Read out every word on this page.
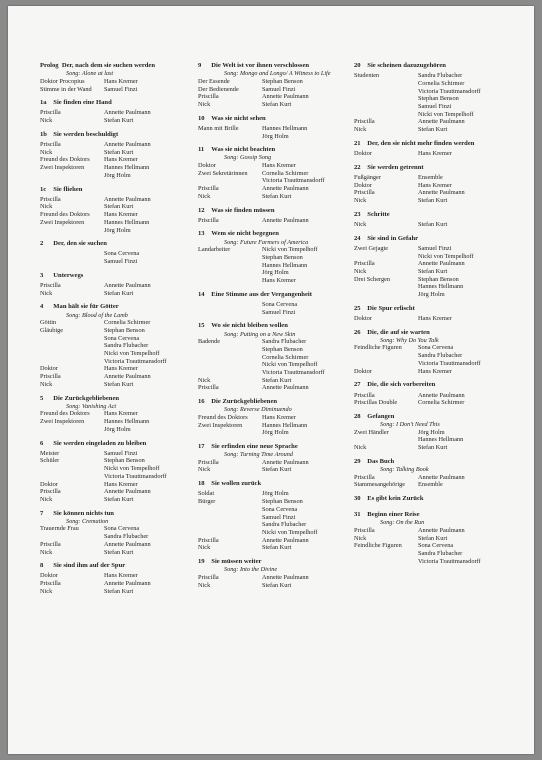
Prolog Der, nach dem sie suchen werden
Song: Alone at last
Doktor Procopius	Hans Kremer
Stimme in der Wand	Samuel Finzi
1a Sie finden eine Hand
Priscilla	Annette Paulmann
Nick	Stefan Kurt
1b Sie werden beschuldigt
Priscilla	Annette Paulmann
Nick	Stefan Kurt
Freund des Doktors	Hans Kremer
Zwei Inspektoren	Hannes Hellmann
Jörg Holm
1c Sie fliehen
Priscilla	Annette Paulmann
Nick	Stefan Kurt
Freund des Doktors	Hans Kremer
Zwei Inspektoren	Hannes Hellmann
Jörg Holm
2 Der, den sie suchen
Sona Cervena
Samuel Finzi
3 Unterwegs
Priscilla	Annette Paulmann
Nick	Stefan Kurt
4 Man hält sie für Götter
Song: Blood of the Lamb
Göttin	Cornelia Schirmer
Gläubige	Stephan Benson
Sona Cervena
Sandra Flubacher
Nicki von Tempelhoff
Victoria Trauttmansdorff
Doktor	Hans Kremer
Priscilla	Annette Paulmann
Nick	Stefan Kurt
5 Die Zurückgebliebenen
Song: Vanishing Act
Freund des Doktors	Hans Kremer
Zwei Inspektoren	Hannes Hellmann
Jörg Holm
6 Sie werden eingeladen zu bleiben
Meister	Samuel Finzi
Schüler	Stephan Benson
Nicki von Tempelhoff
Victoria Trauttmansdorff
Doktor	Hans Kremer
Priscilla	Annette Paulmann
Nick	Stefan Kurt
7 Sie können nichts tun
Song: Cremation
Trauernde Frau	Sona Cervena
Sandra Flubacher
Priscilla	Annette Paulmann
Nick	Stefan Kurt
8 Sie sind ihm auf der Spur
Doktor	Hans Kremer
Priscilla	Annette Paulmann
Nick	Stefan Kurt
9 Die Welt ist vor ihnen verschlossen
Song: Mongo and Longo/ A Witness to Life
Der Essende	Stephan Benson
Der Bedienende	Samuel Finzi
Priscilla	Annette Paulmann
Nick	Stefan Kurt
10 Was sie nicht sehen
Mann mit Brille	Hannes Hellmann
Jörg Holm
11 Was sie nicht beachten
Song: Gossip Song
Doktor	Hans Kremer
Zwei Sekretärinnen	Cornelia Schirmer
Victoria Trauttmansdorff
Priscilla	Annette Paulmann
Nick	Stefan Kurt
12 Was sie finden müssen
Priscilla	Annette Paulmann
13 Wem sie nicht begegnen
Song: Future Farmers of America
Landarbeiter	Nicki von Tempelhoff
Stephan Benson
Hannes Hellmann
Jörg Holm
Hans Kremer
14 Eine Stimme aus der Vergangenheit
Sona Cervena
Samuel Finzi
15 Wo sie nicht bleiben wollen
Song: Putting on a New Skin
Badende	Sandra Flubacher
Stephan Benson
Cornelia Schirmer
Nicki von Tempelhoff
Victoria Trauttmansdorff
Nick	Stefan Kurt
Priscilla	Annette Paulmann
16 Die Zurückgebliebenen
Song: Reverse Diminuendo
Freund des Doktors	Hans Kremer
Zwei Inspektoren	Hannes Hellmann
Jörg Holm
17 Sie erfinden eine neue Sprache
Song: Turning Time Around
Priscilla	Annette Paulmann
Nick	Stefan Kurt
18 Sie wollen zurück
Soldat	Jörg Holm
Bürger	Stephan Benson
Sona Cervena
Samuel Finzi
Sandra Flubacher
Nicki von Tempelhoff
Priscilla	Annette Paulmann
Nick	Stefan Kurt
19 Sie müssen weiter
Song: Into the Divine
Priscilla	Annette Paulmann
Nick	Stefan Kurt
20 Sie scheinen dazuzugehören
Studenten	Sandra Flubacher
Cornelia Schirmer
Victoria Trauttmansdorff
Stephan Benson
Samuel Finzi
Nicki von Tempelhoff
Priscilla	Annette Paulmann
Nick	Stefan Kurt
21 Der, den sie nicht mehr finden werden
Doktor	Hans Kremer
22 Sie werden getrennt
Fußgänger	Ensemble
Doktor	Hans Kremer
Priscilla	Annette Paulmann
Nick	Stefan Kurt
23 Schritte
Nick	Stefan Kurt
24 Sie sind in Gefahr
Zwei Gejagte	Samuel Finzi
Nicki von Tempelhoff
Priscilla	Annette Paulmann
Nick	Stefan Kurt
Drei Schergen	Stephan Benson
Hannes Hellmann
Jörg Holm
25 Die Spur erlischt
Doktor	Hans Kremer
26 Die, die auf sie warten
Song: Why Do You Talk
Feindliche Figuren	Sona Cervena
Sandra Flubacher
Victoria Trauttmansdorff
Doktor	Hans Kremer
27 Die, die sich vorbereiten
Priscilla	Annette Paulmann
Priscillas Double	Cornelia Schirmer
28 Gefangen
Song: I Don't Need This
Zwei Händler	Jörg Holm
Hannes Hellmann
Nick	Stefan Kurt
29 Das Buch
Song: Talking Book
Priscilla	Annette Paulmann
Stammesangehörige	Ensemble
30 Es gibt kein Zurück
31 Beginn einer Reise
Song: On the Run
Priscilla	Annette Paulmann
Nick	Stefan Kurt
Feindliche Figuren	Sona Cervena
Sandra Flubacher
Victoria Trauttmansdorff
